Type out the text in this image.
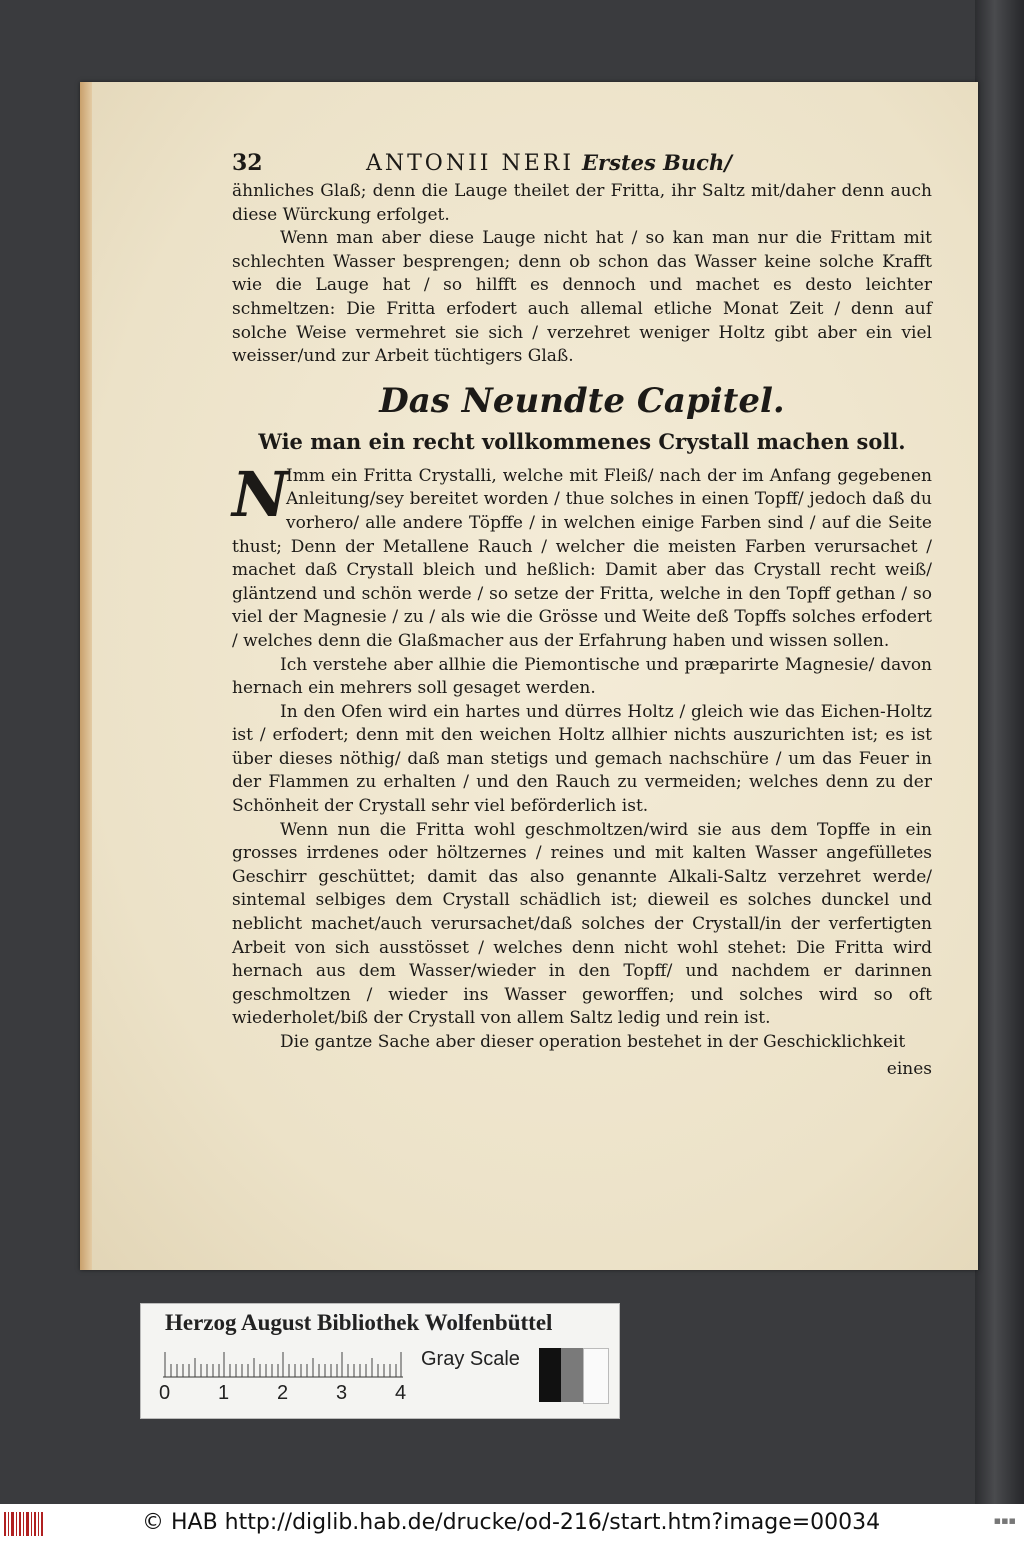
32	ANTONII NERI Erstes Buch/

ähnliches Glaß; denn die Lauge theilet der Fritta, ihr Saltz mit/daher denn auch diese Würckung erfolget.

Wenn man aber diese Lauge nicht hat / so kan man nur die Frittam mit schlechten Wasser besprengen; denn ob schon das Wasser keine solche Krafft wie die Lauge hat / so hilfft es dennoch und machet es desto leichter schmeltzen: Die Fritta erfodert auch allemal etliche Monat Zeit / denn auf solche Weise vermehret sie sich / verzehret weniger Holtz gibt aber ein viel weisser/und zur Arbeit tüchtigers Glaß.

Das Neundte Capitel.
Wie man ein recht vollkommenes Crystall machen soll.
N

Imm ein Fritta Crystalli, welche mit Fleiß/ nach der im Anfang gegebenen Anleitung/sey bereitet worden / thue solches in einen Topff/ jedoch daß du vorhero/ alle andere Töpffe / in welchen einige Farben sind / auf die Seite thust; Denn der Metallene Rauch / welcher die meisten Farben verursachet / machet daß Crystall bleich und heßlich: Damit aber das Crystall recht weiß/ gläntzend und schön werde / so setze der Fritta, welche in den Topff gethan / so viel der Magnesie / zu / als wie die Grösse und Weite deß Topffs solches erfodert / welches denn die Glaßmacher aus der Erfahrung haben und wissen sollen.

Ich verstehe aber allhie die Piemontische und præparirte Magnesie/ davon hernach ein mehrers soll gesaget werden.

In den Ofen wird ein hartes und dürres Holtz / gleich wie das Eichen-Holtz ist / erfodert; denn mit den weichen Holtz allhier nichts auszurichten ist; es ist über dieses nöthig/ daß man stetigs und gemach nachschüre / um das Feuer in der Flammen zu erhalten / und den Rauch zu vermeiden; welches denn zu der Schönheit der Crystall sehr viel beförderlich ist.

Wenn nun die Fritta wohl geschmoltzen/wird sie aus dem Topffe in ein grosses irrdenes oder höltzernes / reines und mit kalten Wasser angefülletes Geschirr geschüttet; damit das also genannte Alkali-Saltz verzehret werde/ sintemal selbiges dem Crystall schädlich ist; dieweil es solches dunckel und neblicht machet/auch verursachet/daß solches der Crystall/in der verfertigten Arbeit von sich ausstösset / welches denn nicht wohl stehet: Die Fritta wird hernach aus dem Wasser/wieder in den Topff/ und nachdem er darinnen geschmoltzen / wieder ins Wasser geworffen; und solches wird so oft wiederholet/biß der Crystall von allem Saltz ledig und rein ist.

Die gantze Sache aber dieser operation bestehet in der Geschicklichkeit

eines
Herzog August Bibliothek Wolfenbüttel
0 1 2 3 4
Gray Scale
© HAB http://diglib.hab.de/drucke/od-216/start.htm?image=00034	▪▪▪
